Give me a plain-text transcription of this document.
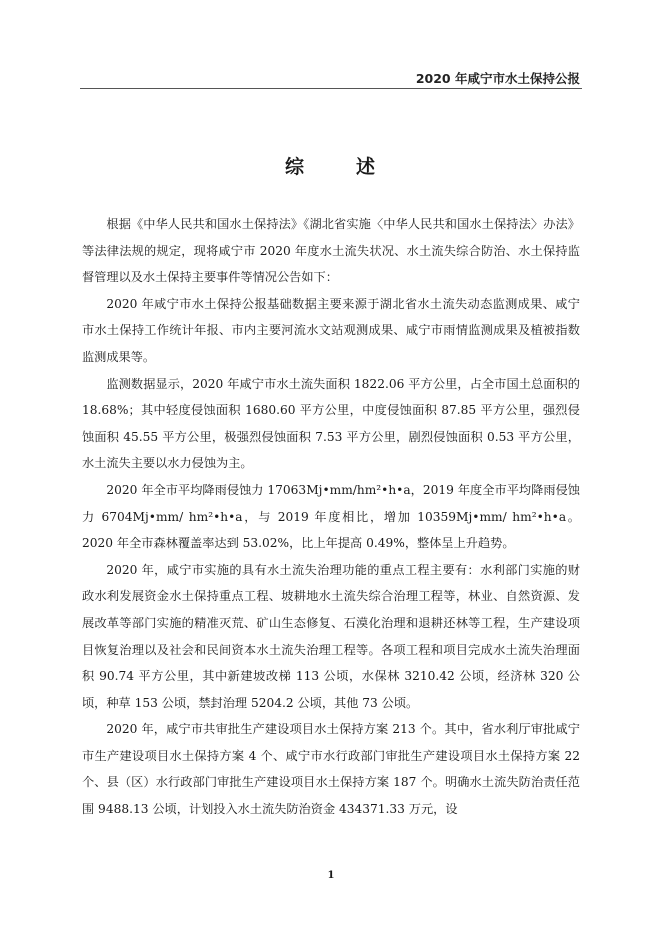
2020 年咸宁市水土保持公报
综	述

根据《中华人民共和国水土保持法》《湖北省实施〈中华人民共和国水土保持法〉办法》等法律法规的规定，现将咸宁市 2020 年度水土流失状况、水土流失综合防治、水土保持监督管理以及水土保持主要事件等情况公告如下：

2020 年咸宁市水土保持公报基础数据主要来源于湖北省水土流失动态监测成果、咸宁市水土保持工作统计年报、市内主要河流水文站观测成果、咸宁市雨情监测成果及植被指数监测成果等。

监测数据显示，2020 年咸宁市水土流失面积 1822.06 平方公里，占全市国土总面积的 18.68%；其中轻度侵蚀面积 1680.60 平方公里，中度侵蚀面积 87.85 平方公里，强烈侵蚀面积 45.55 平方公里，极强烈侵蚀面积 7.53 平方公里，剧烈侵蚀面积 0.53 平方公里，水土流失主要以水力侵蚀为主。

2020 年全市平均降雨侵蚀力 17063Mj•mm/hm²•h•a，2019 年度全市平均降雨侵蚀力 6704Mj•mm/ hm²•h•a，与 2019 年度相比，增加 10359Mj•mm/ hm²•h•a。2020 年全市森林覆盖率达到 53.02%，比上年提高 0.49%，整体呈上升趋势。

2020 年，咸宁市实施的具有水土流失治理功能的重点工程主要有：水利部门实施的财政水利发展资金水土保持重点工程、坡耕地水土流失综合治理工程等，林业、自然资源、发展改革等部门实施的精准灭荒、矿山生态修复、石漠化治理和退耕还林等工程，生产建设项目恢复治理以及社会和民间资本水土流失治理工程等。各项工程和项目完成水土流失治理面积 90.74 平方公里，其中新建坡改梯 113 公顷，水保林 3210.42 公顷，经济林 320 公顷，种草 153 公顷，禁封治理 5204.2 公顷，其他 73 公顷。

2020 年，咸宁市共审批生产建设项目水土保持方案 213 个。其中，省水利厅审批咸宁市生产建设项目水土保持方案 4 个、咸宁市水行政部门审批生产建设项目水土保持方案 22 个、县（区）水行政部门审批生产建设项目水土保持方案 187 个。明确水土流失防治责任范围 9488.13 公顷，计划投入水土流失防治资金 434371.33 万元，设

1
